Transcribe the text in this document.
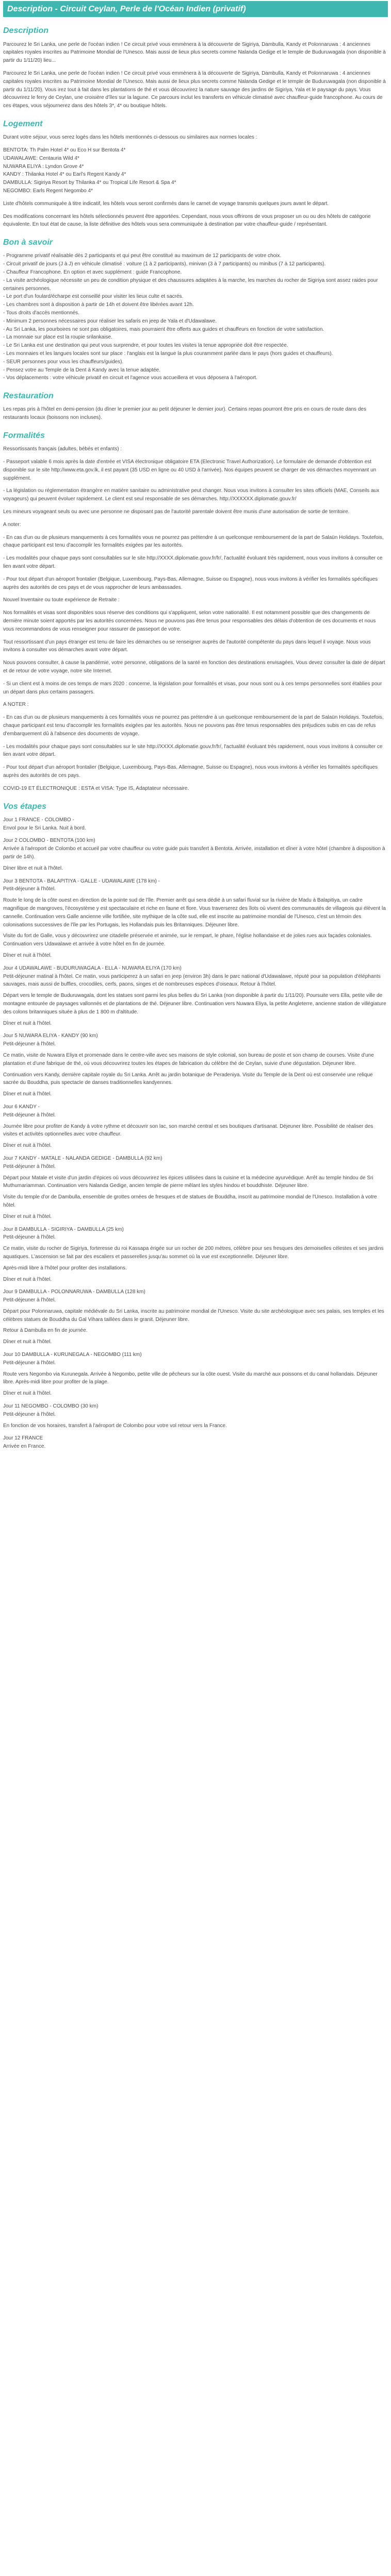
Description - Circuit Ceylan, Perle de l'Océan Indien (privatif)
Description

Parcourez le Sri Lanka, une perle de l'océan indien ! Ce circuit privé vous emmènera à la découverte de Sigiriya, Dambulla, Kandy et Polonnaruwa : 4 anciennes capitales royales inscrites au Patrimoine Mondial de l'Unesco. Mais aussi de lieux plus secrets comme Nalanda Gedige et le temple de Buduruwagala (non disponible à partir du 1/11/20) lieu...

Parcourez le Sri Lanka, une perle de l'océan indien ! Ce circuit privé vous emmènera à la découverte de Sigiriya, Dambulla, Kandy et Polonnaruwa : 4 anciennes capitales royales inscrites au Patrimoine Mondial de l'Unesco. Mais aussi de lieux plus secrets comme Nalanda Gedige et le temple de Buduruwagala (non disponible à partir du 1/11/20). Vous irez tout à fait dans les plantations de thé et vous découvrirez la nature sauvage des jardins de Sigiriya, Yala et le paysage du pays. Vous découvrirez le ferry de Ceylan, une croisière d'îles sur la lagune. Ce parcours inclut les transferts en véhicule climatisé avec chauffeur-guide francophone. Au cours de ces étapes, vous séjournerez dans des hôtels 3*, 4* ou boutique hôtels.

Logement

Durant votre séjour, vous serez logés dans les hôtels mentionnés ci-dessous ou similaires aux normes locales :

BENTOTA: Th Palm Hotel 4* ou Eco H sur Bentota 4*
UDAWALAWE: Centauria Wild 4*
NUWARA ELIYA : Lyndon Grove 4*
KANDY : Thilanka Hotel 4* ou Earl's Regent Kandy 4*
DAMBULLA: Sigiriya Resort by Thilanka 4* ou Tropical Life Resort & Spa 4*
NEGOMBO: Earls Regent Negombo 4*

Liste d'hôtels communiquée à titre indicatif, les hôtels vous seront confirmés dans le carnet de voyage transmis quelques jours avant le départ.

Des modifications concernant les hôtels sélectionnés peuvent être apportées. Cependant, nous vous offrirons de vous proposer un ou ou des hôtels de catégorie équivalente. En tout état de cause, la liste définitive des hôtels vous sera communiquée à destination par votre chauffeur-guide / représentant.

Bon à savoir

- Programme privatif réalisable dès 2 participants et qui peut être constitué au maximum de 12 participants de votre choix.
- Circuit privatif de jours (J à J) en véhicule climatisé : voiture (1 à 2 participants), minivan (3 à 7 participants) ou minibus (7 à 12 participants).
- Chauffeur Francophone. En option et avec supplément : guide Francophone.
- La visite archéologique nécessite un peu de condition physique et des chaussures adaptées à la marche, les marches du rocher de Sigiriya sont assez raides pour certaines personnes.
- Le port d'un foulard/écharpe est conseillé pour visiter les lieux culte et sacrés.
- Les chambres sont à disposition à partir de 14h et doivent être libérées avant 12h.
- Tous droits d'accès mentionnés.
- Minimum 2 personnes nécessaires pour réaliser les safaris en jeep de Yala et d'Udawalawe.
- Au Sri Lanka, les pourboires ne sont pas obligatoires, mais pourraient être offerts aux guides et chauffeurs en fonction de votre satisfaction.
- La monnaie sur place est la roupie srilankaise.
- Le Sri Lanka est une destination qui peut vous surprendre, et pour toutes les visites la tenue appropriée doit être respectée.
- Les monnaies et les langues locales sont sur place : l'anglais est la langue la plus couramment parlée dans le pays (hors guides et chauffeurs).
- SEUR personnes pour vous les chauffeurs/guides).
- Pensez votre au Temple de la Dent à Kandy avec la tenue adaptée.
- Vos déplacements : votre véhicule privatif en circuit et l'agence vous accueillera et vous déposera à l'aéroport.

Restauration

Les repas pris à l'hôtel en demi-pension (du dîner le premier jour au petit déjeuner le dernier jour). Certains repas pourront être pris en cours de route dans des restaurants locaux (boissons non incluses).

Formalités

Ressortissants français (adultes, bébés et enfants) :

- Passeport valable 6 mois après la date d'entrée et VISA électronique obligatoire ETA (Electronic Travel Authorization). Le formulaire de demande d'obtention est disponible sur le site http://www.eta.gov.lk, il est payant (35 USD en ligne ou 40 USD à l'arrivée). Nos équipes peuvent se charger de vos démarches moyennant un supplément.

- La législation ou réglementation étrangère en matière sanitaire ou administrative peut changer. Nous vous invitons à consulter les sites officiels (MAE, Conseils aux voyageurs) qui peuvent évoluer rapidement. Le client est seul responsable de ses démarches. http://XXXXXX.diplomatie.gouv.fr/

Les mineurs voyageant seuls ou avec une personne ne disposant pas de l'autorité parentale doivent être munis d'une autorisation de sortie de territoire.

A noter:

- En cas d'un ou de plusieurs manquements à ces formalités vous ne pourrez pas prétendre à un quelconque remboursement de la part de Salaün Holidays. Toutefois, chaque participant est tenu d'accomplir les formalités exigées par les autorités.

- Les modalités pour chaque pays sont consultables sur le site http://XXXX.diplomatie.gouv.fr/fr/, l'actualité évoluant très rapidement, nous vous invitons à consulter ce lien avant votre départ.

- Pour tout départ d'un aéroport frontalier (Belgique, Luxembourg, Pays-Bas, Allemagne, Suisse ou Espagne), nous vous invitons à vérifier les formalités spécifiques auprès des autorités de ces pays et de vous rapprocher de leurs ambassades.

Nouvel Inventaire ou toute expérience de Retraite :

Nos formalités et visas sont disponibles sous réserve des conditions qui s'appliquent, selon votre nationalité. Il est notamment possible que des changements de dernière minute soient apportés par les autorités concernées. Nous ne pouvons pas être tenus pour responsables des délais d'obtention de ces documents et nous vous recommandons de vous renseigner pour rassurer de passeport de votre.

Tout ressortissant d'un pays étranger est tenu de faire les démarches ou se renseigner auprès de l'autorité compétente du pays dans lequel il voyage. Nous vous invitons à consulter vos démarches avant votre départ.

Nous pouvons consulter, à cause la pandémie, votre personne, obligations de la santé en fonction des destinations envisagées. Vous devez consulter la date de départ et de retour de votre voyage, notre site Internet.

- Si un client est à moins de ces temps de mars 2020 : concerne, la législation pour formalités et visas, pour nous sont ou à ces temps personnelles sont établies pour un départ dans plus certains passagers.

A NOTER :

- En cas d'un ou de plusieurs manquements à ces formalités vous ne pourrez pas prétendre à un quelconque remboursement de la part de Salaün Holidays. Toutefois, chaque participant est tenu d'accomplir les formalités exigées par les autorités. Nous ne pouvons pas être tenus responsables des préjudices subis en cas de refus d'embarquement dû à l'absence des documents de voyage.

- Les modalités pour chaque pays sont consultables sur le site http://XXXX.diplomatie.gouv.fr/fr/, l'actualité évoluant très rapidement, nous vous invitons à consulter ce lien avant votre départ.

- Pour tout départ d'un aéroport frontalier (Belgique, Luxembourg, Pays-Bas, Allemagne, Suisse ou Espagne), nous vous invitons à vérifier les formalités spécifiques auprès des autorités de ces pays.

COVID-19 ET ÉLECTRONIQUE : ESTA et VISA: Type IS, Adaptateur nécessaire.

Vos étapes
Jour 1 FRANCE - COLOMBO -

Envol pour le Sri Lanka. Nuit à bord.

Jour 2 COLOMBO - BENTOTA (100 km)

Arrivée à l'aéroport de Colombo et accueil par votre chauffeur ou votre guide puis transfert à Bentota. Arrivée, installation et dîner à votre hôtel (chambre à disposition à partir de 14h).

Dîner libre et nuit à l'hôtel.

Jour 3 BENTOTA - BALAPITIYA - GALLE - UDAWALAWE (178 km) -

Petit-déjeuner à l'hôtel.

Route le long de la côte ouest en direction de la pointe sud de l'île. Premier arrêt qui sera dédié à un safari fluvial sur la rivière de Madu à Balapitiya, un cadre magnifique de mangroves, l'écosystème y est spectaculaire et riche en faune et flore. Vous traverserez des îlots où vivent des communautés de villageois qui élèvent la cannelle. Continuation vers Galle ancienne ville fortifiée, site mythique de la côte sud, elle est inscrite au patrimoine mondial de l'Unesco, c'est un témoin des colonisations successives de l'île par les Portugais, les Hollandais puis les Britanniques. Déjeuner libre.

Visite du fort de Galle, vous y découvrirez une citadelle préservée et animée, sur le rempart, le phare, l'église hollandaise et de jolies rues aux façades coloniales. Continuation vers Udawalawe et arrivée à votre hôtel en fin de journée.

Dîner et nuit à l'hôtel.

Jour 4 UDAWALAWE - BUDURUWAGALA - ELLA - NUWARA ELIYA (170 km)

Petit-déjeuner matinal à l'hôtel. Ce matin, vous participerez à un safari en jeep (environ 3h) dans le parc national d'Udawalawe, réputé pour sa population d'éléphants sauvages, mais aussi de buffles, crocodiles, cerfs, paons, singes et de nombreuses espèces d'oiseaux. Retour à l'hôtel.

Départ vers le temple de Buduruwagala, dont les statues sont parmi les plus belles du Sri Lanka (non disponible à partir du 1/11/20). Poursuite vers Ella, petite ville de montagne entourée de paysages vallonnés et de plantations de thé. Déjeuner libre. Continuation vers Nuwara Eliya, la petite Angleterre, ancienne station de villégiature des colons britanniques située à plus de 1 800 m d'altitude.

Dîner et nuit à l'hôtel.

Jour 5 NUWARA ELIYA - KANDY (90 km)

Petit-déjeuner à l'hôtel.

Ce matin, visite de Nuwara Eliya et promenade dans le centre-ville avec ses maisons de style colonial, son bureau de poste et son champ de courses. Visite d'une plantation et d'une fabrique de thé, où vous découvrirez toutes les étapes de fabrication du célèbre thé de Ceylan, suivie d'une dégustation. Déjeuner libre.

Continuation vers Kandy, dernière capitale royale du Sri Lanka. Arrêt au jardin botanique de Peradeniya. Visite du Temple de la Dent où est conservée une relique sacrée du Bouddha, puis spectacle de danses traditionnelles kandyennes.

Dîner et nuit à l'hôtel.

Jour 6 KANDY -

Petit-déjeuner à l'hôtel.

Journée libre pour profiter de Kandy à votre rythme et découvrir son lac, son marché central et ses boutiques d'artisanat. Déjeuner libre. Possibilité de réaliser des visites et activités optionnelles avec votre chauffeur.

Dîner et nuit à l'hôtel.

Jour 7 KANDY - MATALE - NALANDA GEDIGE - DAMBULLA (92 km)

Petit-déjeuner à l'hôtel.

Départ pour Matale et visite d'un jardin d'épices où vous découvrirez les épices utilisées dans la cuisine et la médecine ayurvédique. Arrêt au temple hindou de Sri Muthumariamman. Continuation vers Nalanda Gedige, ancien temple de pierre mêlant les styles hindou et bouddhiste. Déjeuner libre.

Visite du temple d'or de Dambulla, ensemble de grottes ornées de fresques et de statues de Bouddha, inscrit au patrimoine mondial de l'Unesco. Installation à votre hôtel.

Dîner et nuit à l'hôtel.

Jour 8 DAMBULLA - SIGIRIYA - DAMBULLA (25 km)

Petit-déjeuner à l'hôtel.

Ce matin, visite du rocher de Sigiriya, forteresse du roi Kassapa érigée sur un rocher de 200 mètres, célèbre pour ses fresques des demoiselles célestes et ses jardins aquatiques. L'ascension se fait par des escaliers et passerelles jusqu'au sommet où la vue est exceptionnelle. Déjeuner libre.

Après-midi libre à l'hôtel pour profiter des installations.

Dîner et nuit à l'hôtel.

Jour 9 DAMBULLA - POLONNARUWA - DAMBULLA (128 km)

Petit-déjeuner à l'hôtel.

Départ pour Polonnaruwa, capitale médiévale du Sri Lanka, inscrite au patrimoine mondial de l'Unesco. Visite du site archéologique avec ses palais, ses temples et les célèbres statues de Bouddha du Gal Vihara taillées dans le granit. Déjeuner libre.

Retour à Dambulla en fin de journée.

Dîner et nuit à l'hôtel.

Jour 10 DAMBULLA - KURUNEGALA - NEGOMBO (111 km)

Petit-déjeuner à l'hôtel.

Route vers Negombo via Kurunegala. Arrivée à Negombo, petite ville de pêcheurs sur la côte ouest. Visite du marché aux poissons et du canal hollandais. Déjeuner libre. Après-midi libre pour profiter de la plage.

Dîner et nuit à l'hôtel.

Jour 11 NEGOMBO - COLOMBO (30 km)

Petit-déjeuner à l'hôtel.

En fonction de vos horaires, transfert à l'aéroport de Colombo pour votre vol retour vers la France.

Jour 12 FRANCE

Arrivée en France.
